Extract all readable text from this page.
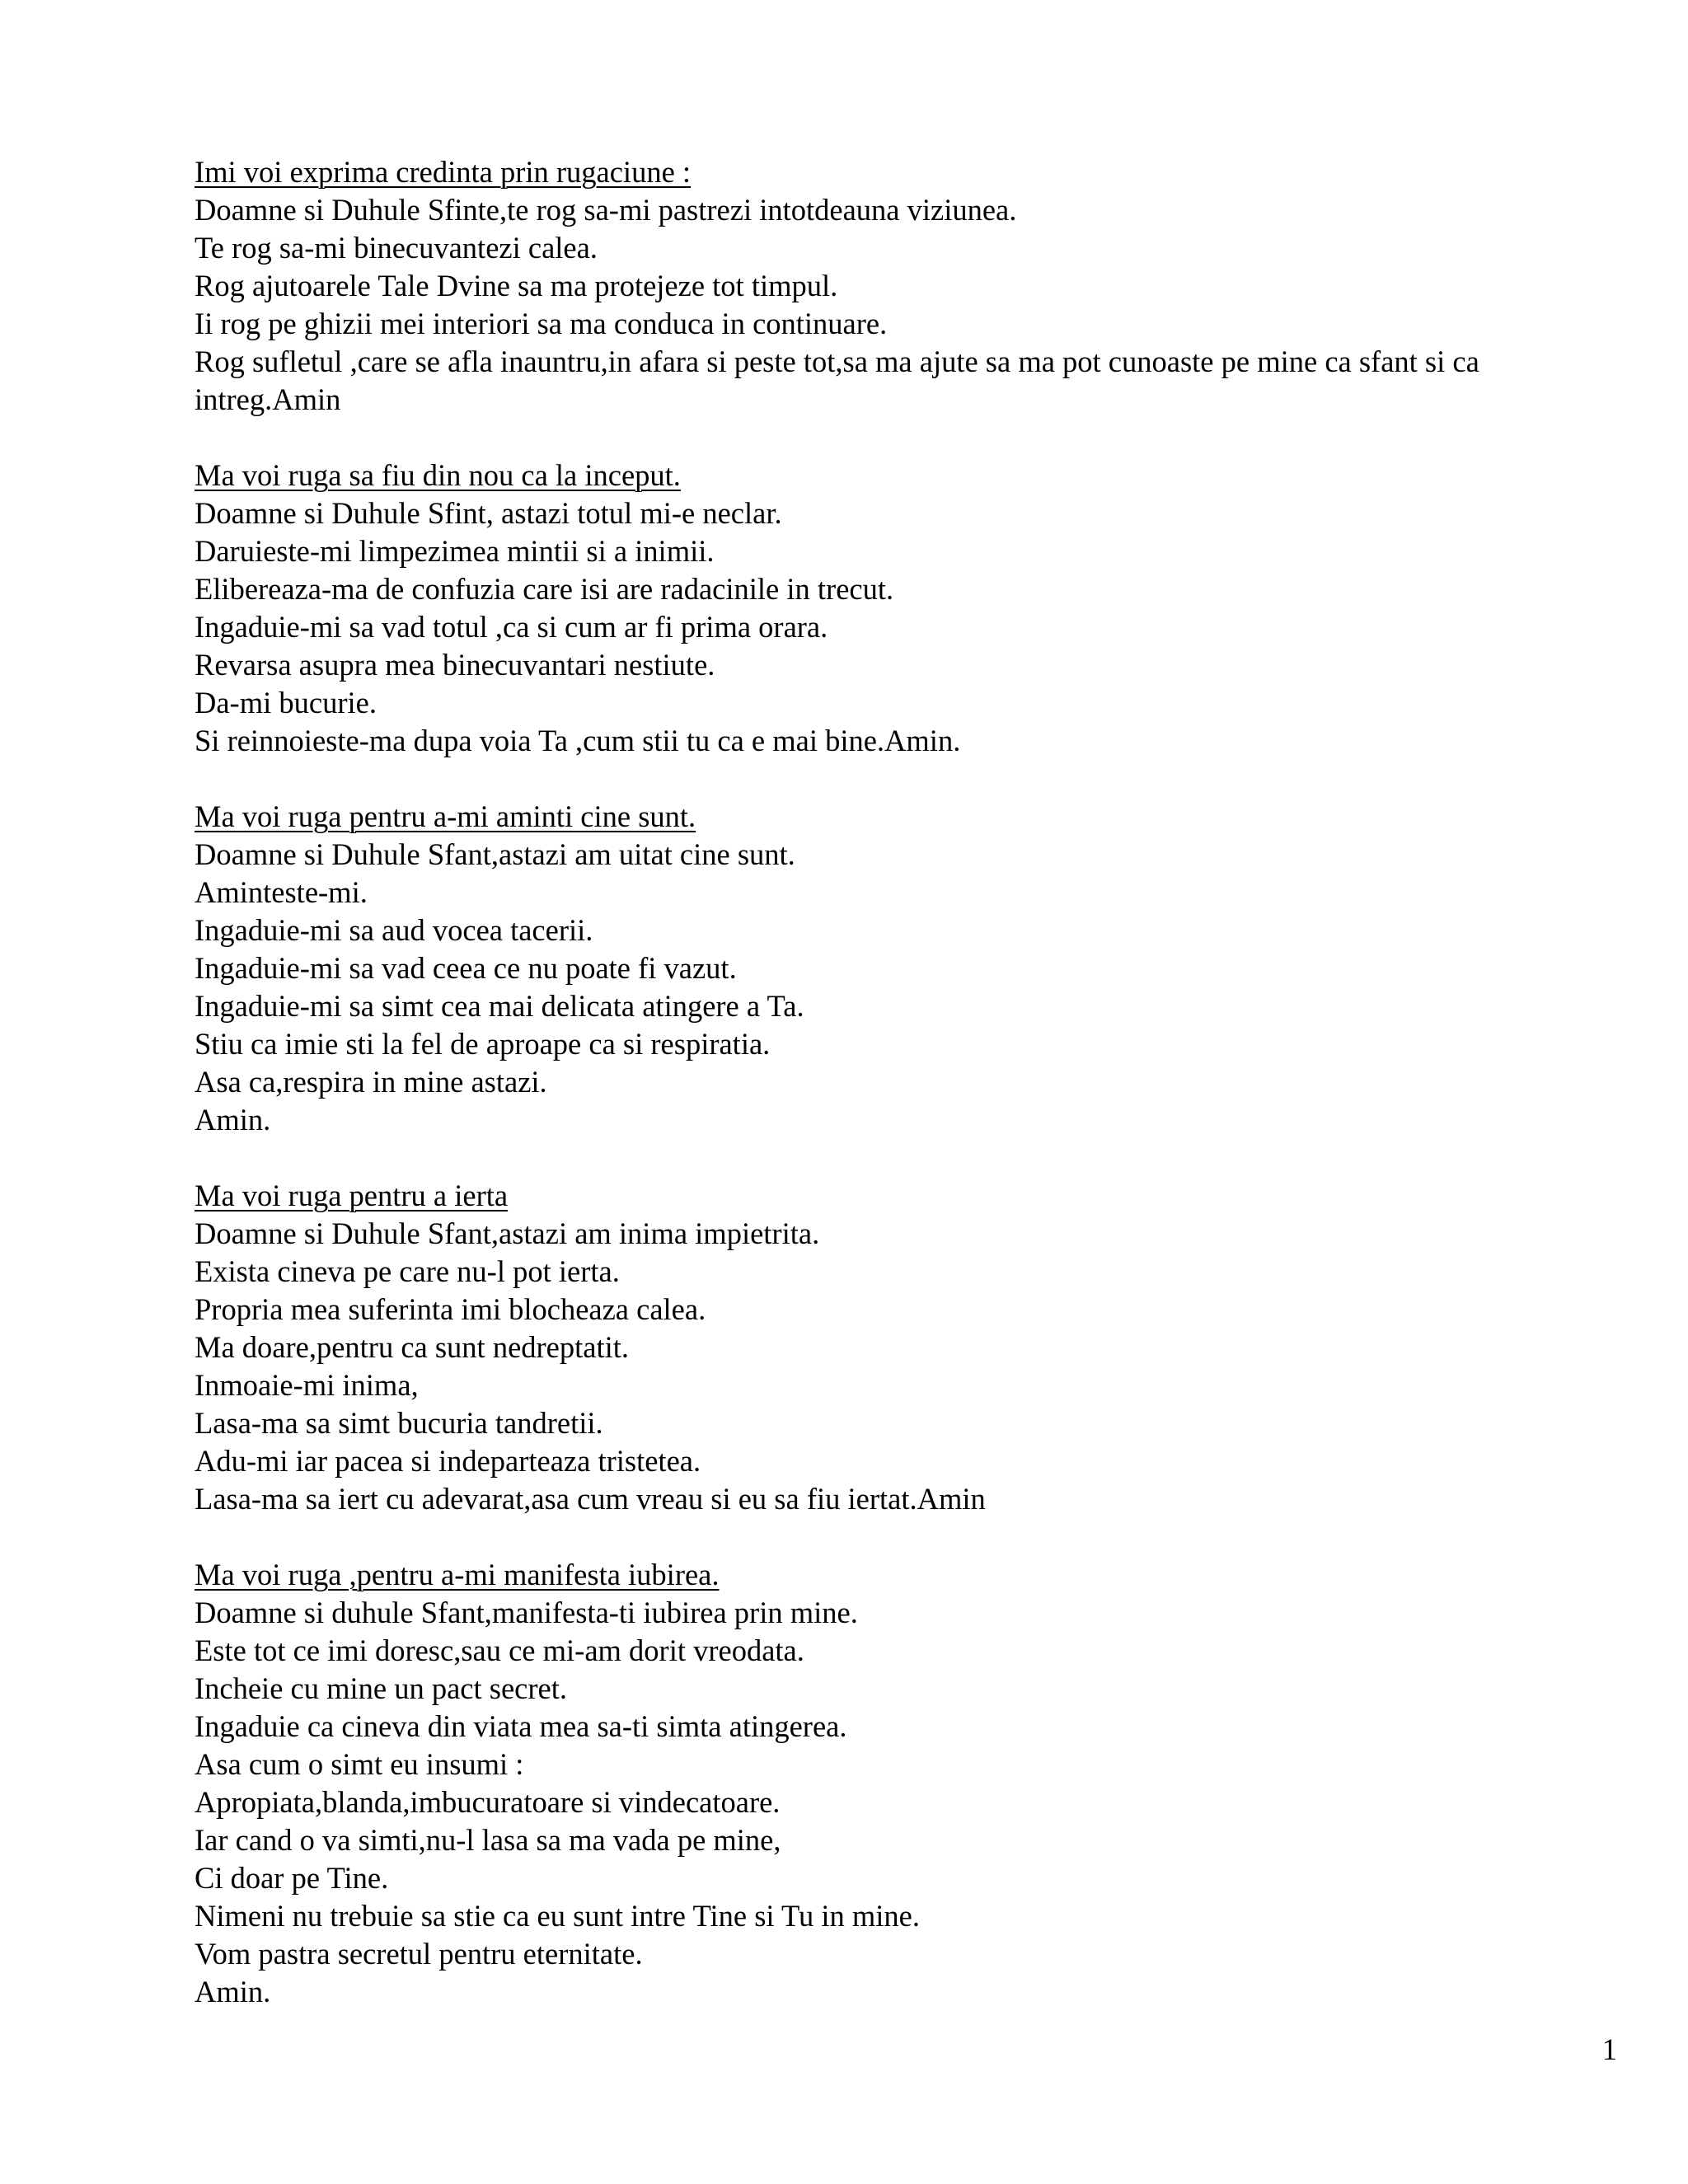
Imi voi exprima credinta prin rugaciune :
Doamne si Duhule Sfinte,te rog sa-mi pastrezi intotdeauna viziunea.
Te rog sa-mi binecuvantezi calea.
Rog ajutoarele Tale Dvine sa ma protejeze tot timpul.
Ii rog pe ghizii mei interiori sa ma conduca in continuare.
Rog sufletul ,care se afla inauntru,in afara si peste tot,sa ma ajute sa ma pot cunoaste pe mine ca sfant si ca
intreg.Amin
Ma voi ruga sa fiu din nou ca la inceput.
Doamne si Duhule Sfint, astazi totul mi-e neclar.
Daruieste-mi limpezimea mintii si a inimii.
Elibereaza-ma de confuzia care isi are radacinile in trecut.
Ingaduie-mi sa vad totul ,ca si cum ar fi prima orara.
Revarsa asupra mea binecuvantari nestiute.
Da-mi bucurie.
Si reinnoieste-ma dupa voia Ta ,cum stii tu ca e mai bine.Amin.
Ma voi ruga pentru a-mi aminti cine sunt.
Doamne si Duhule Sfant,astazi am uitat cine sunt.
Aminteste-mi.
Ingaduie-mi sa aud vocea tacerii.
Ingaduie-mi sa vad ceea ce nu poate fi vazut.
Ingaduie-mi sa simt cea mai delicata atingere a Ta.
Stiu ca imie sti la fel de aproape ca si respiratia.
Asa ca,respira in mine astazi.
Amin.
Ma voi ruga pentru a ierta
Doamne si Duhule Sfant,astazi am inima impietrita.
Exista cineva pe care nu-l pot ierta.
Propria mea suferinta imi blocheaza calea.
Ma doare,pentru ca sunt nedreptatit.
Inmoaie-mi inima,
Lasa-ma sa simt bucuria tandretii.
Adu-mi iar pacea si indeparteaza tristetea.
Lasa-ma sa iert cu adevarat,asa cum vreau si eu sa fiu iertat.Amin
Ma voi ruga ,pentru a-mi manifesta iubirea.
Doamne si duhule Sfant,manifesta-ti iubirea prin mine.
Este tot ce imi doresc,sau ce mi-am dorit vreodata.
Incheie cu mine un pact secret.
Ingaduie ca cineva din viata mea sa-ti simta atingerea.
Asa cum o simt eu insumi :
Apropiata,blanda,imbucuratoare si vindecatoare.
Iar cand o va simti,nu-l lasa sa ma vada pe mine,
Ci doar pe Tine.
Nimeni nu trebuie sa stie ca eu sunt intre Tine si Tu in mine.
Vom pastra secretul pentru eternitate.
Amin.
1
